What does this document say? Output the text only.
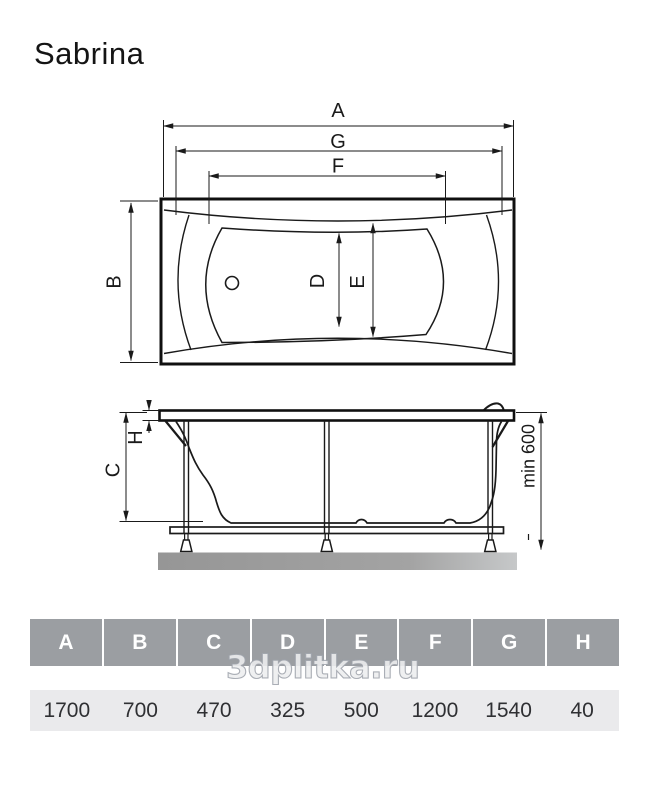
Sabrina
A
G
F
B	D E
H
C	min 600
A	B	C	D	E	F	G	H
1700	700	470	325	500	1200	1540	40
3dplitka.ru
